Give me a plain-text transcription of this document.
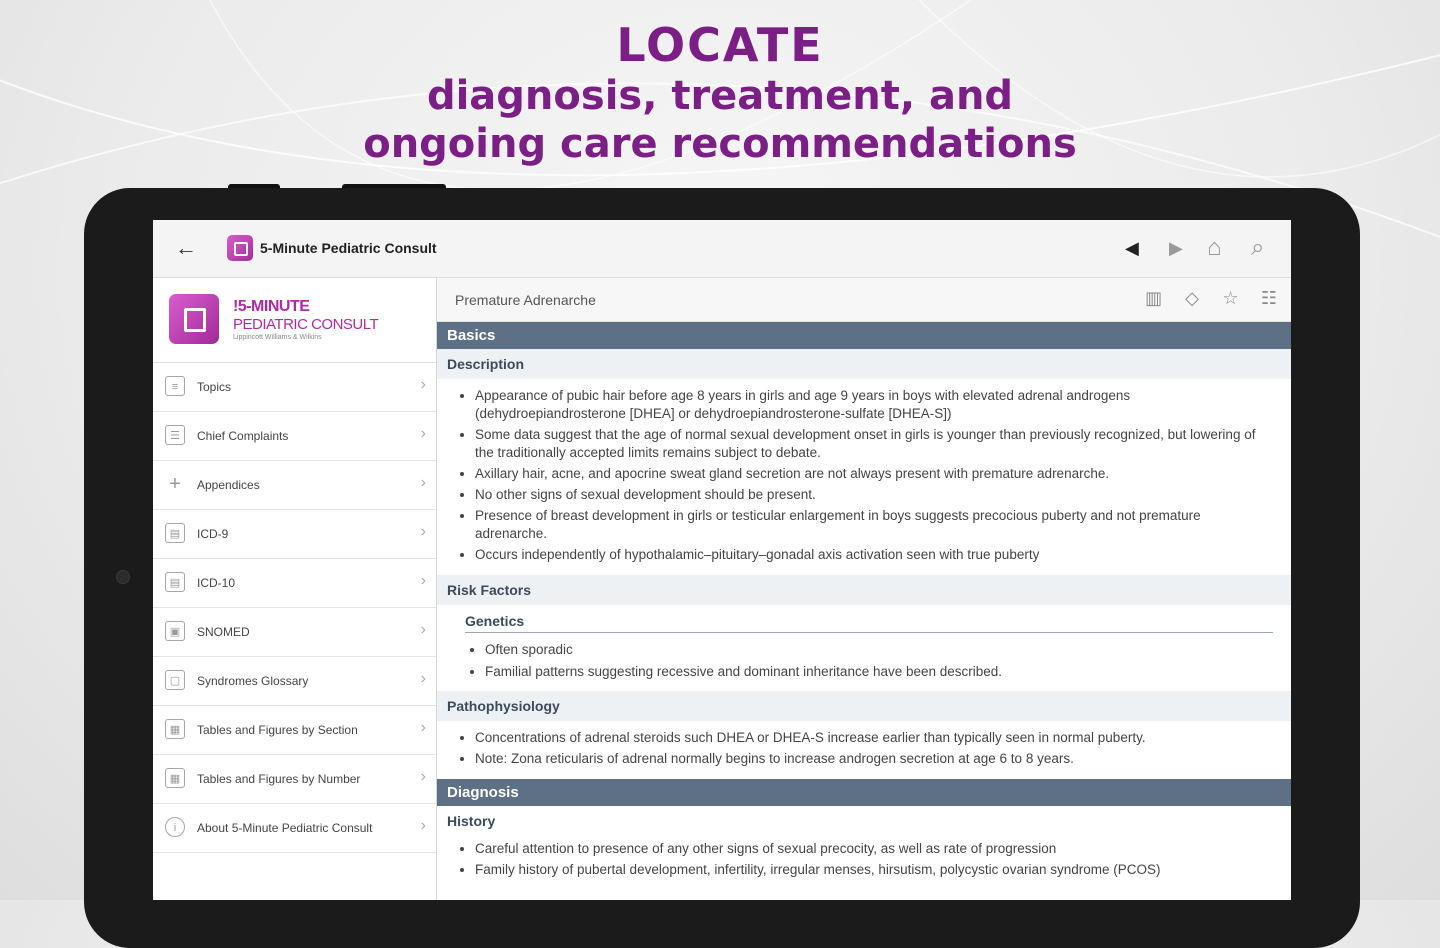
LOCATE
diagnosis, treatment, and
ongoing care recommendations
←	5-Minute Pediatric Consult	◀ ▶ ⌂ ⌕
!5-MINUTE
PEDIATRIC CONSULT
Lippincott Williams & Wilkins
≡	Topics	›
☰	Chief Complaints	›
+	Appendices	›
▤	ICD-9	›
▤	ICD-10	›
▣	SNOMED	›
▢	Syndromes Glossary	›
▦	Tables and Figures by Section	›
▦	Tables and Figures by Number	›
i	About 5-Minute Pediatric Consult	›
Premature Adrenarche	▥ ◇ ☆ ☷
Basics
Description
• Appearance of pubic hair before age 8 years in girls and age 9 years in boys with elevated adrenal androgens (dehydroepiandrosterone [DHEA] or dehydroepiandrosterone-sulfate [DHEA-S])
• Some data suggest that the age of normal sexual development onset in girls is younger than previously recognized, but lowering of the traditionally accepted limits remains subject to debate.
• Axillary hair, acne, and apocrine sweat gland secretion are not always present with premature adrenarche.
• No other signs of sexual development should be present.
• Presence of breast development in girls or testicular enlargement in boys suggests precocious puberty and not premature adrenarche.
• Occurs independently of hypothalamic–pituitary–gonadal axis activation seen with true puberty
Risk Factors
Genetics
• Often sporadic
• Familial patterns suggesting recessive and dominant inheritance have been described.
Pathophysiology
• Concentrations of adrenal steroids such DHEA or DHEA-S increase earlier than typically seen in normal puberty.
• Note: Zona reticularis of adrenal normally begins to increase androgen secretion at age 6 to 8 years.
Diagnosis
History
• Careful attention to presence of any other signs of sexual precocity, as well as rate of progression
• Family history of pubertal development, infertility, irregular menses, hirsutism, polycystic ovarian syndrome (PCOS)
